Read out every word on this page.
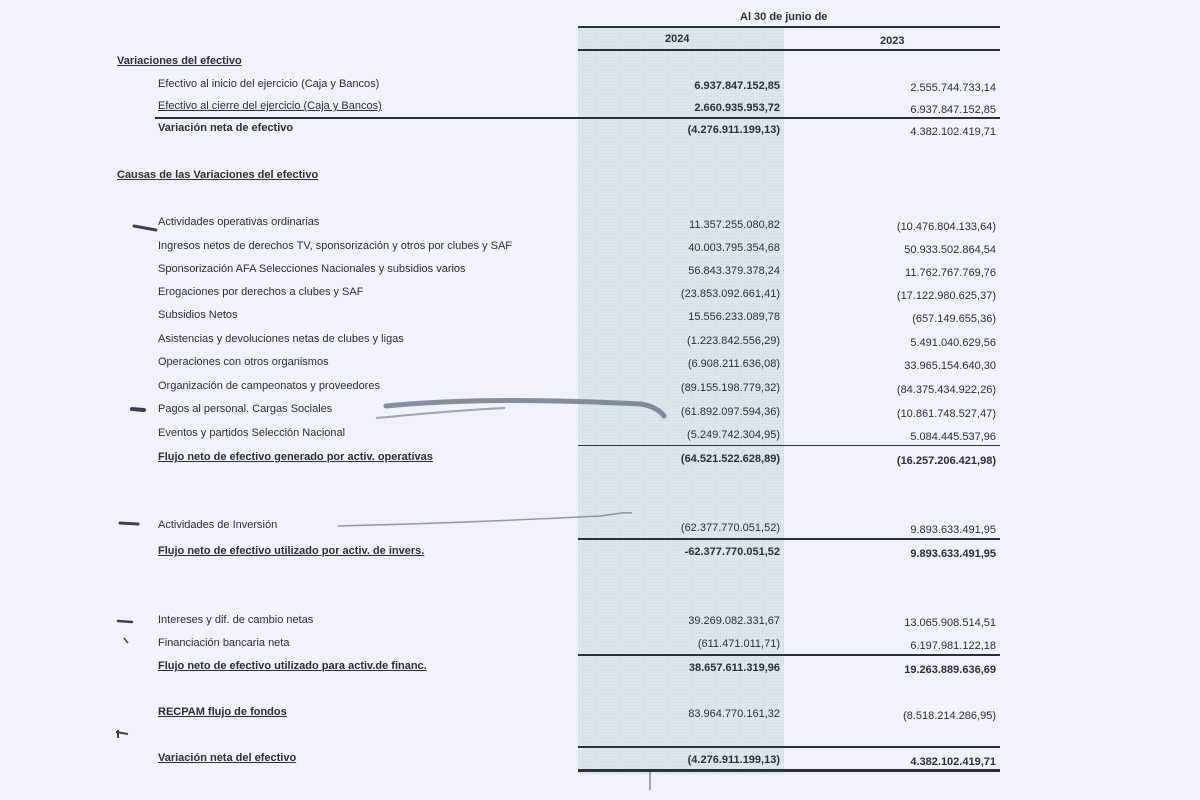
Al 30 de junio de
2024	2023
Variaciones del efectivo
Efectivo al inicio del ejercicio (Caja y Bancos)	6.937.847.152,85	2.555.744.733,14
Efectivo al cierre del ejercicio (Caja y Bancos)	2.660.935.953,72	6.937.847.152,85
Variación neta de efectivo	(4.276.911.199,13)	4.382.102.419,71
Causas de las Variaciones del efectivo
Actividades operativas ordinarias	11.357.255.080,82	(10.476.804.133,64)
Ingresos netos de derechos TV, sponsorización y otros por clubes y SAF	40.003.795.354,68	50.933.502.864,54
Sponsorización AFA Selecciones Nacionales y subsidios varios	56.843.379.378,24	11.762.767.769,76
Erogaciones por derechos a clubes y SAF	(23.853.092.661,41)	(17.122.980.625,37)
Subsidios Netos	15.556.233.089,78	(657.149.655,36)
Asistencias y devoluciones netas de clubes y ligas	(1.223.842.556,29)	5.491.040.629,56
Operaciones con otros organismos	(6.908.211.636,08)	33.965.154.640,30
Organización de campeonatos y proveedores	(89.155.198.779,32)	(84.375.434.922,26)
Pagos al personal. Cargas Sociales	(61.892.097.594,36)	(10.861.748.527,47)
Eventos y partidos Selección Nacional	(5.249.742.304,95)	5.084.445.537,96
Flujo neto de efectivo generado por activ. operativas	(64.521.522.628,89)	(16.257.206.421,98)
Actividades de Inversión	(62.377.770.051,52)	9.893.633.491,95
Flujo neto de efectivo utilizado por activ. de invers.	-62.377.770.051,52	9.893.633.491,95
Intereses y dif. de cambio netas	39.269.082.331,67	13.065.908.514,51
Financiación bancaria neta	(611.471.011,71)	6.197.981.122,18
Flujo neto de efectivo utilizado para activ.de financ.	38.657.611.319,96	19.263.889.636,69
RECPAM flujo de fondos	83.964.770.161,32	(8.518.214.286,95)
Variación neta del efectivo	(4.276.911.199,13)	4.382.102.419,71
